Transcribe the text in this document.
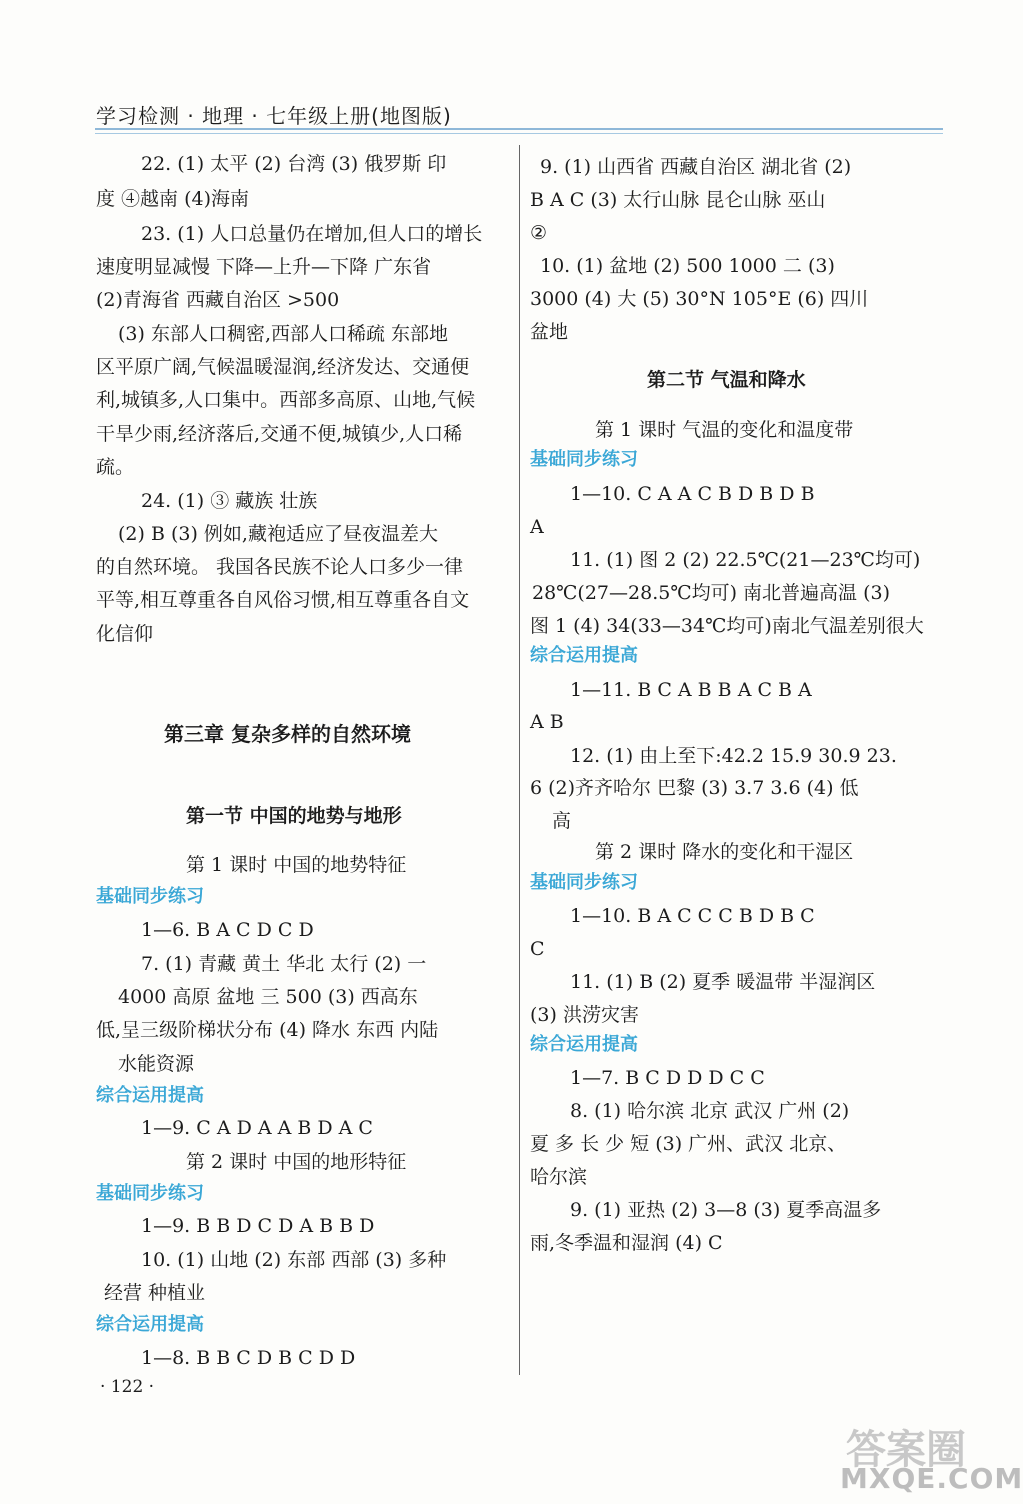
学习检测 · 地理 · 七年级上册(地图版)
22. (1) 太平 (2) 台湾 (3) 俄罗斯 印
度 ④越南 (4)海南
23. (1) 人口总量仍在增加,但人口的增长
速度明显减慢 下降—上升—下降 广东省
(2)青海省 西藏自治区 >500
(3) 东部人口稠密,西部人口稀疏 东部地
区平原广阔,气候温暖湿润,经济发达、交通便
利,城镇多,人口集中。西部多高原、山地,气候
干旱少雨,经济落后,交通不便,城镇少,人口稀
疏。
24. (1) ③ 藏族 壮族
(2) B (3) 例如,藏袍适应了昼夜温差大
的自然环境。 我国各民族不论人口多少一律
平等,相互尊重各自风俗习惯,相互尊重各自文
化信仰
第三章 复杂多样的自然环境
第一节 中国的地势与地形
第 1 课时 中国的地势特征
基础同步练习
1—6. B A C D C D
7. (1) 青藏 黄土 华北 太行 (2) 一
4000 高原 盆地 三 500 (3) 西高东
低,呈三级阶梯状分布 (4) 降水 东西 内陆
水能资源
综合运用提高
1—9. C A D A A B D A C
第 2 课时 中国的地形特征
基础同步练习
1—9. B B D C D A B B D
10. (1) 山地 (2) 东部 西部 (3) 多种
经营 种植业
综合运用提高
1—8. B B C D B C D D
9. (1) 山西省 西藏自治区 湖北省 (2)
B A C (3) 太行山脉 昆仑山脉 巫山
②
10. (1) 盆地 (2) 500 1000 二 (3)
3000 (4) 大 (5) 30°N 105°E (6) 四川
盆地
第二节 气温和降水
第 1 课时 气温的变化和温度带
基础同步练习
1—10. C A A C B D B D B
A
11. (1) 图 2 (2) 22.5℃(21—23℃均可)
28℃(27—28.5℃均可) 南北普遍高温 (3)
图 1 (4) 34(33—34℃均可)南北气温差别很大
综合运用提高
1—11. B C A B B A C B A
A B
12. (1) 由上至下:42.2 15.9 30.9 23.
6 (2)齐齐哈尔 巴黎 (3) 3.7 3.6 (4) 低
高
第 2 课时 降水的变化和干湿区
基础同步练习
1—10. B A C C C B D B C
C
11. (1) B (2) 夏季 暖温带 半湿润区
(3) 洪涝灾害
综合运用提高
1—7. B C D D D C C
8. (1) 哈尔滨 北京 武汉 广州 (2)
夏 多 长 少 短 (3) 广州、武汉 北京、
哈尔滨
9. (1) 亚热 (2) 3—8 (3) 夏季高温多
雨,冬季温和湿润 (4) C
· 122 ·
答案圈
MXQE.COM
